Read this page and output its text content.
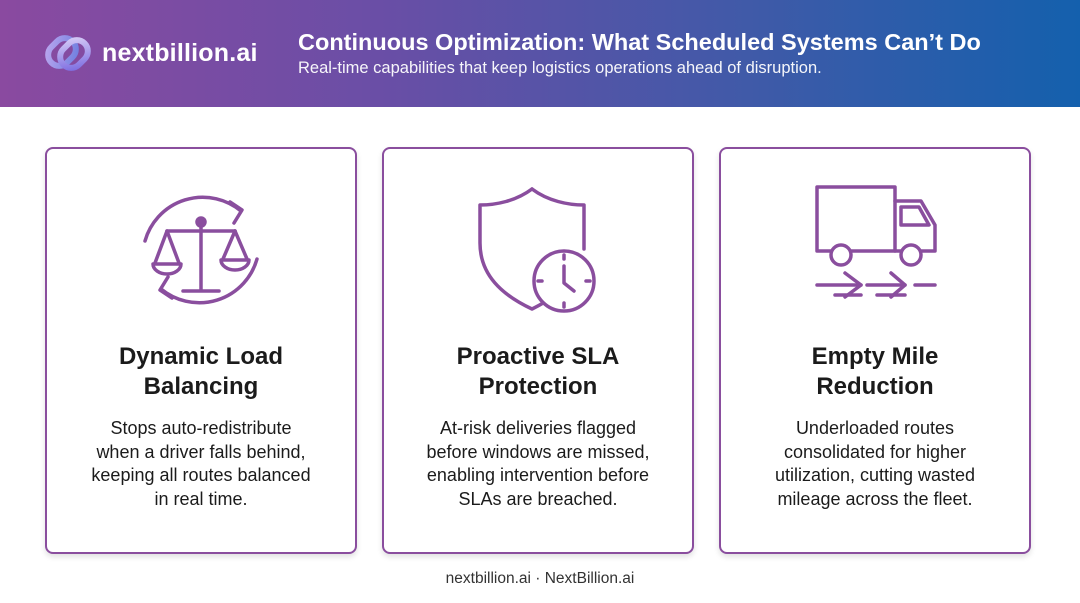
nextbillion.ai Continuous Optimization: What Scheduled Systems Can’t Do
Real-time capabilities that keep logistics operations ahead of disruption.
Dynamic Load
Balancing
Stops auto-redistribute
when a driver falls behind,
keeping all routes balanced
in real time.
Proactive SLA
Protection
At-risk deliveries flagged
before windows are missed,
enabling intervention before
SLAs are breached.
Empty Mile
Reduction
Underloaded routes
consolidated for higher
utilization, cutting wasted
mileage across the fleet.
nextbillion.ai · NextBillion.ai
